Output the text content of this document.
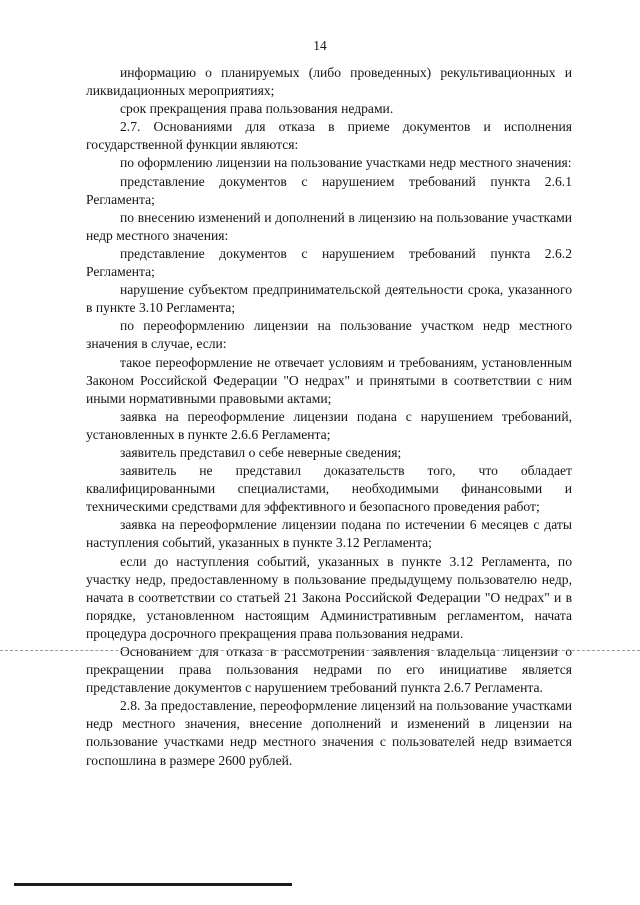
14

информацию о планируемых (либо проведенных) рекультивационных и ликвидационных мероприятиях;

срок прекращения права пользования недрами.

2.7. Основаниями для отказа в приеме документов и исполнения государственной функции являются:

по оформлению лицензии на пользование участками недр местного значения:

представление документов с нарушением требований пункта 2.6.1 Регламента;

по внесению изменений и дополнений в лицензию на пользование участками недр местного значения:

представление документов с нарушением требований пункта 2.6.2 Регламента;

нарушение субъектом предпринимательской деятельности срока, указанного в пункте 3.10 Регламента;

по переоформлению лицензии на пользование участком недр местного значения в случае, если:

такое переоформление не отвечает условиям и требованиям, установленным Законом Российской Федерации "О недрах" и принятыми в соответствии с ним иными нормативными правовыми актами;

заявка на переоформление лицензии подана с нарушением требований, установленных в пункте 2.6.6 Регламента;

заявитель представил о себе неверные сведения;

заявитель не представил доказательств того, что обладает квалифицированными специалистами, необходимыми финансовыми и техническими средствами для эффективного и безопасного проведения работ;

заявка на переоформление лицензии подана по истечении 6 месяцев с даты наступления событий, указанных в пункте 3.12 Регламента;

если до наступления событий, указанных в пункте 3.12 Регламента, по участку недр, предоставленному в пользование предыдущему пользователю недр, начата в соответствии со статьей 21 Закона Российской Федерации "О недрах" и в порядке, установленном настоящим Административным регламентом, начата процедура досрочного прекращения права пользования недрами.

Основанием для отказа в рассмотрении заявления владельца лицензии о прекращении права пользования недрами по его инициативе является представление документов с нарушением требований пункта 2.6.7 Регламента.

2.8. За предоставление, переоформление лицензий на пользование участками недр местного значения, внесение дополнений и изменений в лицензии на пользование участками недр местного значения с пользователей недр взимается госпошлина в размере 2600 рублей.
